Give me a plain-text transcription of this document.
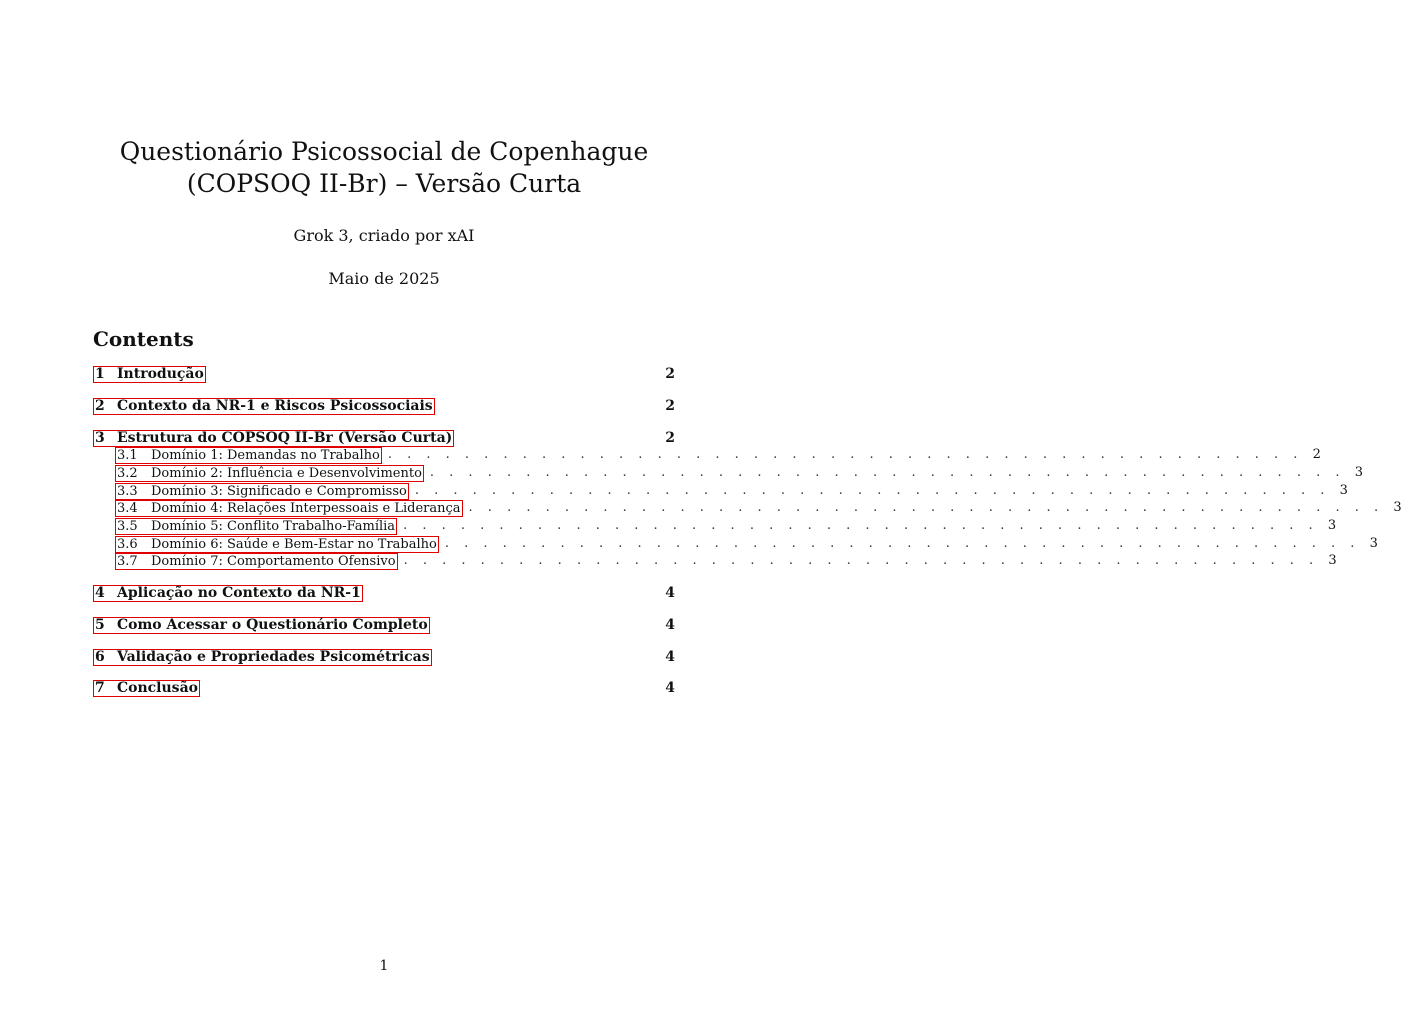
Questionário Psicossocial de Copenhague (COPSOQ II-Br) – Versão Curta
Grok 3, criado por xAI
Maio de 2025
Contents
1 Introdução	2
2 Contexto da NR-1 e Riscos Psicossociais	2
3 Estrutura do COPSOQ II-Br (Versão Curta)	2
3.1	Domínio 1: Demandas no Trabalho . . . . . . . . . . . . . . . . . . . . . . . . . . . . . . . . . . . . . . . . . . . . . . . . 2
3.2	Domínio 2: Influência e Desenvolvimento . . . . . . . . . . . . . . . . . . . . . . . . . . . . . . . . . . . . . . . . . . . . . . . . 3
3.3	Domínio 3: Significado e Compromisso . . . . . . . . . . . . . . . . . . . . . . . . . . . . . . . . . . . . . . . . . . . . . . . . 3
3.4	Domínio 4: Relações Interpessoais e Liderança . . . . . . . . . . . . . . . . . . . . . . . . . . . . . . . . . . . . . . . . . . . . . . . . 3
3.5	Domínio 5: Conflito Trabalho-Família . . . . . . . . . . . . . . . . . . . . . . . . . . . . . . . . . . . . . . . . . . . . . . . . 3
3.6	Domínio 6: Saúde e Bem-Estar no Trabalho . . . . . . . . . . . . . . . . . . . . . . . . . . . . . . . . . . . . . . . . . . . . . . . . 3
3.7	Domínio 7: Comportamento Ofensivo . . . . . . . . . . . . . . . . . . . . . . . . . . . . . . . . . . . . . . . . . . . . . . . . 3
4 Aplicação no Contexto da NR-1	4
5 Como Acessar o Questionário Completo	4
6 Validação e Propriedades Psicométricas	4
7 Conclusão	4
1
